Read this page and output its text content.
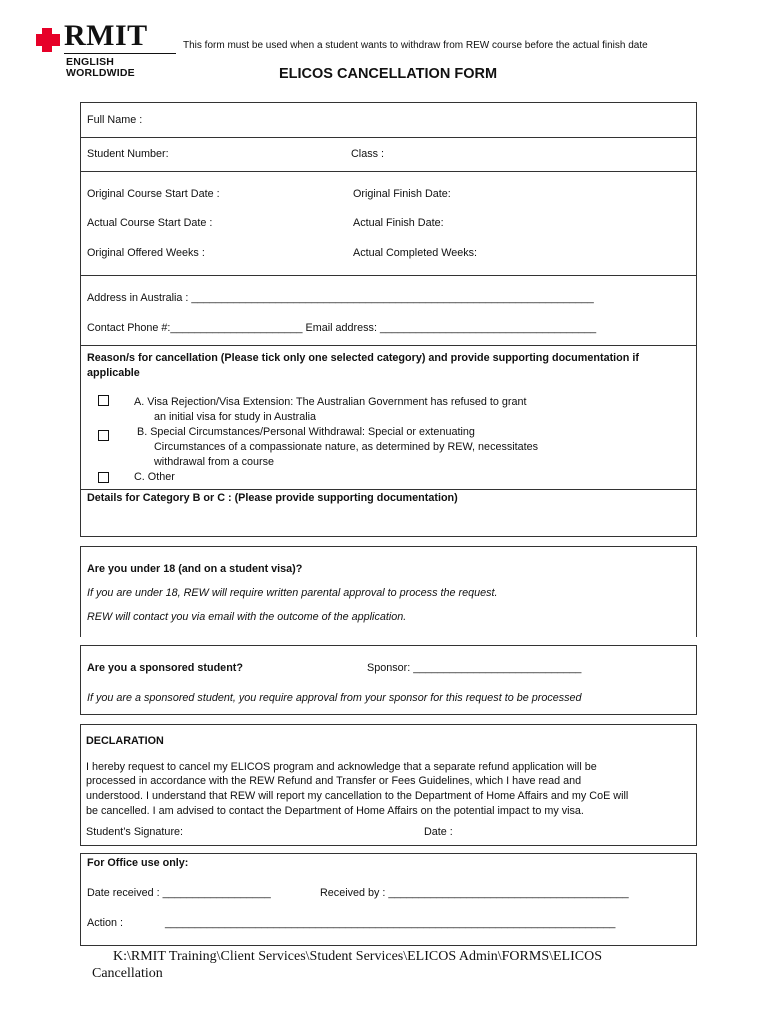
RMIT
ENGLISH
WORLDWIDE
This form must be used when a student wants to withdraw from REW course before the actual finish date
ELICOS CANCELLATION FORM
Full Name :
Student Number:	Class :
Original Course Start Date :	Original Finish Date:
Actual Course Start Date :	Actual Finish Date:
Original Offered Weeks :	Actual Completed Weeks:
Address in Australia : ___________________________________________________________________
Contact Phone #:______________________ Email address: ____________________________________
Reason/s for cancellation (Please tick only one selected category) and provide supporting documentation if
applicable
A. Visa Rejection/Visa Extension: The Australian Government has refused to grant
an initial visa for study in Australia
B. Special Circumstances/Personal Withdrawal: Special or extenuating
Circumstances of a compassionate nature, as determined by REW, necessitates
withdrawal from a course
C. Other
Details for Category B or C : (Please provide supporting documentation)
Are you under 18 (and on a student visa)?
If you are under 18, REW will require written parental approval to process the request.
REW will contact you via email with the outcome of the application.
Are you a sponsored student?	Sponsor: ____________________________
If you are a sponsored student, you require approval from your sponsor for this request to be processed
DECLARATION
I hereby request to cancel my ELICOS program and acknowledge that a separate refund application will be
processed in accordance with the REW Refund and Transfer or Fees Guidelines, which I have read and
understood. I understand that REW will report my cancellation to the Department of Home Affairs and my CoE will
be cancelled. I am advised to contact the Department of Home Affairs on the potential impact to my visa.
Student’s Signature:	Date :
For Office use only:
Date received : __________________	Received by : ________________________________________
Action :	___________________________________________________________________________
K:\RMIT Training\Client Services\Student Services\ELICOS Admin\FORMS\ELICOS
Cancellation
